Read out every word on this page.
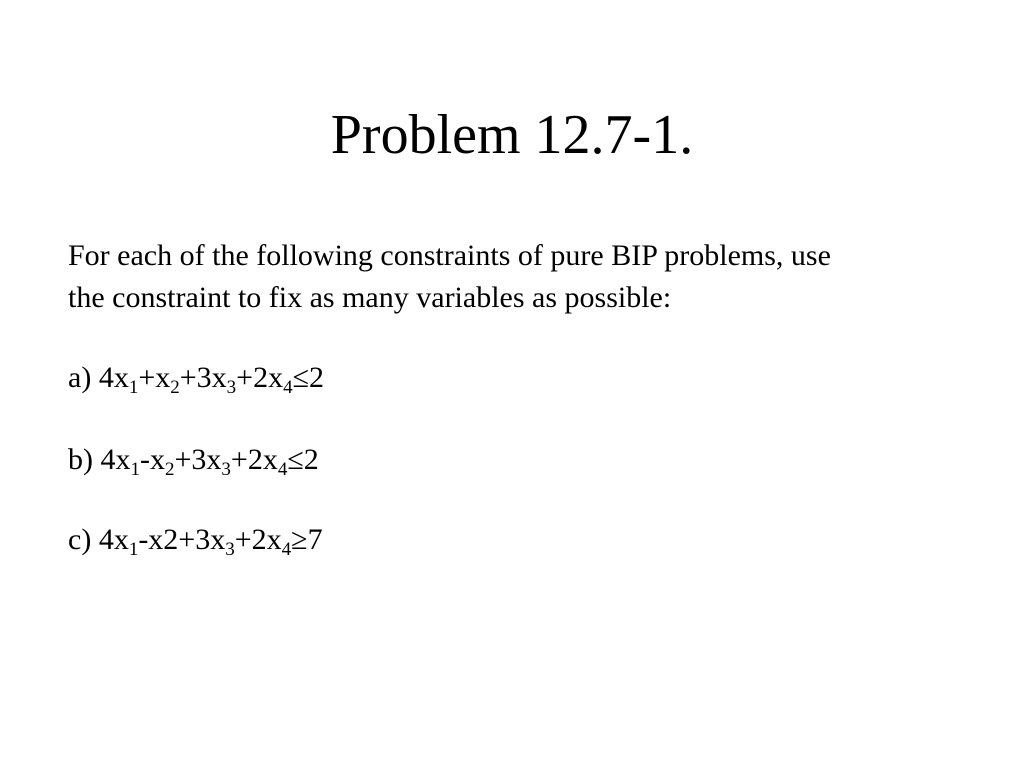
Problem 12.7-1.

For each of the following constraints of pure BIP problems, use
the constraint to fix as many variables as possible:

a) $4x_1+x_2+3x_3+2x_4\le 2$

b) $4x_1-x_2+3x_3+2x_4\le 2$

c) $4x_1-x2+3x_3+2x_4\ge 7$
